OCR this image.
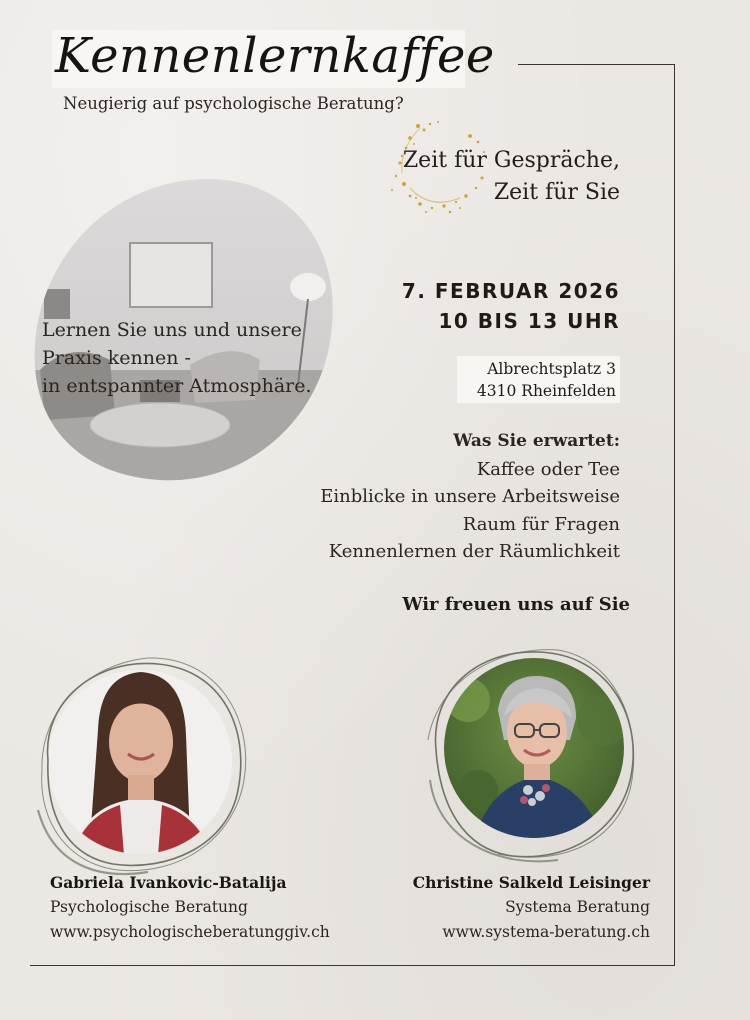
Kennenlernkaffee
Neugierig auf psychologische Beratung?
Zeit für Gespräche,
Zeit für Sie
Lernen Sie uns und unsere
Praxis kennen -
in entspannter Atmosphäre.
7. FEBRUAR 2026
10 BIS 13 UHR
Albrechtsplatz 3
4310 Rheinfelden
Was Sie erwartet:
Kaffee oder Tee
Einblicke in unsere Arbeitsweise
Raum für Fragen
Kennenlernen der Räumlichkeit
Wir freuen uns auf Sie
Gabriela Ivankovic-Batalija
Psychologische Beratung
www.psychologischeberatunggiv.ch
Christine Salkeld Leisinger
Systema Beratung
www.systema-beratung.ch
